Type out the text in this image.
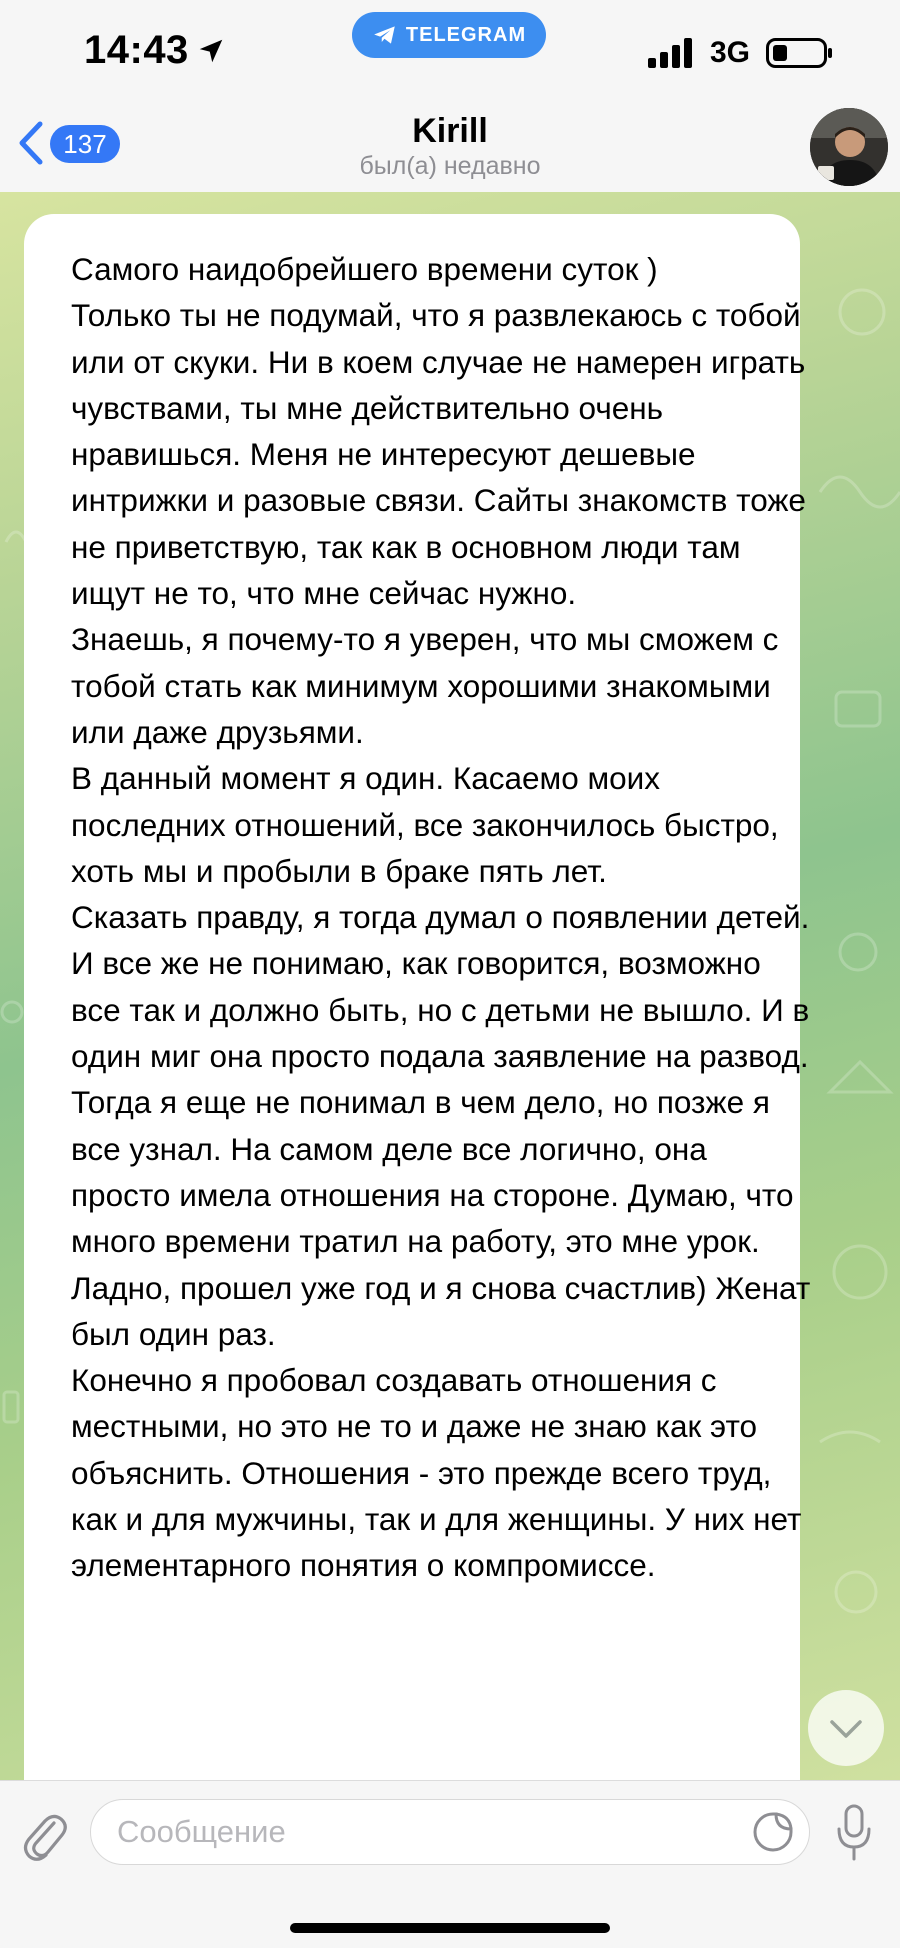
14:43	TELEGRAM
3G
137	Kirill
был(а) недавно

Самого наидобрейшего времени суток )

Только ты не подумай, что я развлекаюсь с тобой или от скуки. Ни в коем случае не намерен играть чувствами, ты мне действительно очень нравишься. Меня не интересуют дешевые интрижки и разовые связи. Сайты знакомств тоже не приветствую, так как в основном люди там ищут не то, что мне сейчас нужно.

Знаешь, я почему-то я уверен, что мы сможем с тобой стать как минимум хорошими знакомыми или даже друзьями.

В данный момент я один. Касаемо моих последних отношений, все закончилось быстро, хоть мы и пробыли в браке пять лет.

Сказать правду, я тогда думал о появлении детей. И все же не понимаю, как говорится, возможно все так и должно быть, но с детьми не вышло. И в один миг она просто подала заявление на развод. Тогда я еще не понимал в чем дело, но позже я все узнал. На самом деле все логично, она просто имела отношения на стороне. Думаю, что много времени тратил на работу, это мне урок. Ладно, прошел уже год и я снова счастлив) Женат был один раз.

Конечно я пробовал создавать отношения с местными, но это не то и даже не знаю как это объяснить. Отношения - это прежде всего труд, как и для мужчины, так и для женщины. У них нет элементарного понятия о компромиссе.

Сообщение
